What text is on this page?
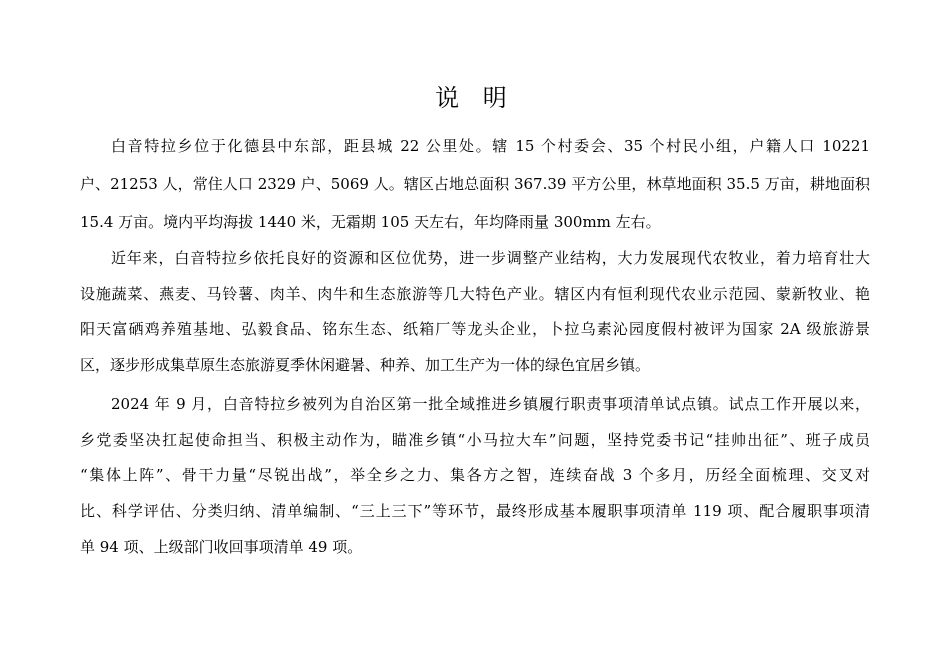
说 明
白音特拉乡位于化德县中东部，距县城 22 公里处。辖 15 个村委会、35 个村民小组，户籍人口 10221
户、21253 人，常住人口 2329 户、5069 人。辖区占地总面积 367.39 平方公里，林草地面积 35.5 万亩，耕地面积
15.4 万亩。境内平均海拔 1440 米，无霜期 105 天左右，年均降雨量 300mm 左右。
近年来，白音特拉乡依托良好的资源和区位优势，进一步调整产业结构，大力发展现代农牧业，着力培育壮大
设施蔬菜、燕麦、马铃薯、肉羊、肉牛和生态旅游等几大特色产业。辖区内有恒利现代农业示范园、蒙新牧业、艳
阳天富硒鸡养殖基地、弘毅食品、铭东生态、纸箱厂等龙头企业，卜拉乌素沁园度假村被评为国家 2A 级旅游景
区，逐步形成集草原生态旅游夏季休闲避暑、种养、加工生产为一体的绿色宜居乡镇。
2024 年 9 月，白音特拉乡被列为自治区第一批全域推进乡镇履行职责事项清单试点镇。试点工作开展以来，
乡党委坚决扛起使命担当、积极主动作为，瞄准乡镇“小马拉大车”问题，坚持党委书记“挂帅出征”、班子成员
“集体上阵”、骨干力量“尽锐出战”，举全乡之力、集各方之智，连续奋战 3 个多月，历经全面梳理、交叉对
比、科学评估、分类归纳、清单编制、“三上三下”等环节，最终形成基本履职事项清单 119 项、配合履职事项清
单 94 项、上级部门收回事项清单 49 项。
